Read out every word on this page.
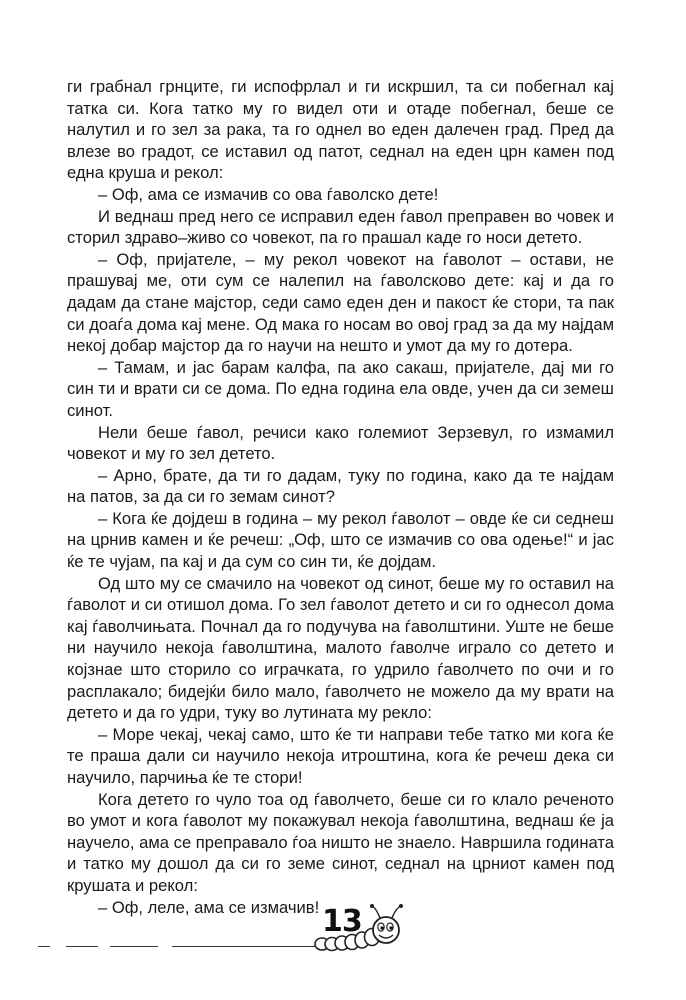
ги грабнал грнците, ги испофрлал и ги искршил, та си побегнал кај татка си. Кога татко му го видел оти и отаде побегнал, беше се налутил и го зел за рака, та го однел во еден далечен град. Пред да влезе во градот, се иставил од патот, седнал на еден црн камен под една круша и рекол:

– Оф, ама се измачив со ова ѓаволско дете!

И веднаш пред него се исправил еден ѓавол преправен во човек и сторил здраво–живо со човекот, па го прашал каде го носи детето.

– Оф, пријателе, – му рекол човекот на ѓаволот – остави, не прашувај ме, оти сум се налепил на ѓаволскoво дете: кај и да го дадам да стане мајстор, седи само еден ден и пакост ќе стори, та пак си доаѓа дома кај мене. Од мака го носам во овој град за да му најдам некој добар мајстор да го научи на нешто и умот да му го дотера.

– Тамам, и јас барам калфа, па ако сакаш, пријателе, дај ми го син ти и врати си се дома. По една година ела овде, учен да си земеш синот.

Нели беше ѓавол, речиси како големиот Зерзевул, го измамил човекот и му го зел детето.

– Арно, брате, да ти го дадам, туку по година, како да те најдам на патов, за да си го земам синот?

– Кога ќе дојдеш в година – му рекол ѓаволот – овде ќе си седнеш на црнив камен и ќе речеш: „Оф, што се измачив со ова одење!“ и јас ќе те чујам, па кај и да сум со син ти, ќе дојдам.

Од што му се смачило на човекот од синот, беше му го оставил на ѓаволот и си отишол дома. Го зел ѓаволот детето и си го однесол дома кај ѓаволчињата. Почнал да го подучува на ѓаволштини. Уште не беше ни научило некоја ѓаволштина, малото ѓаволче играло со детето и којзнае што сторило со играчката, го удрило ѓаволчето по очи и го расплакало; бидејќи било мало, ѓаволчето не можело да му врати на детето и да го удри, туку во лутината му рекло:

– Море чекај, чекај само, што ќе ти направи тебе татко ми кога ќе те праша дали си научило некоја итроштина, кога ќе речеш дека си научило, парчиња ќе те стори!

Кога детето го чуло тоа од ѓаволчето, беше си го клало реченото во умот и кога ѓаволот му покажувал некоја ѓаволштина, веднаш ќе ја научело, ама се преправало ѓоа ништо не знаело. Навршила годината и татко му дошол да си го земе синот, седнал на црниот камен под крушата и рекол:

– Оф, леле, ама се измачив! 13
